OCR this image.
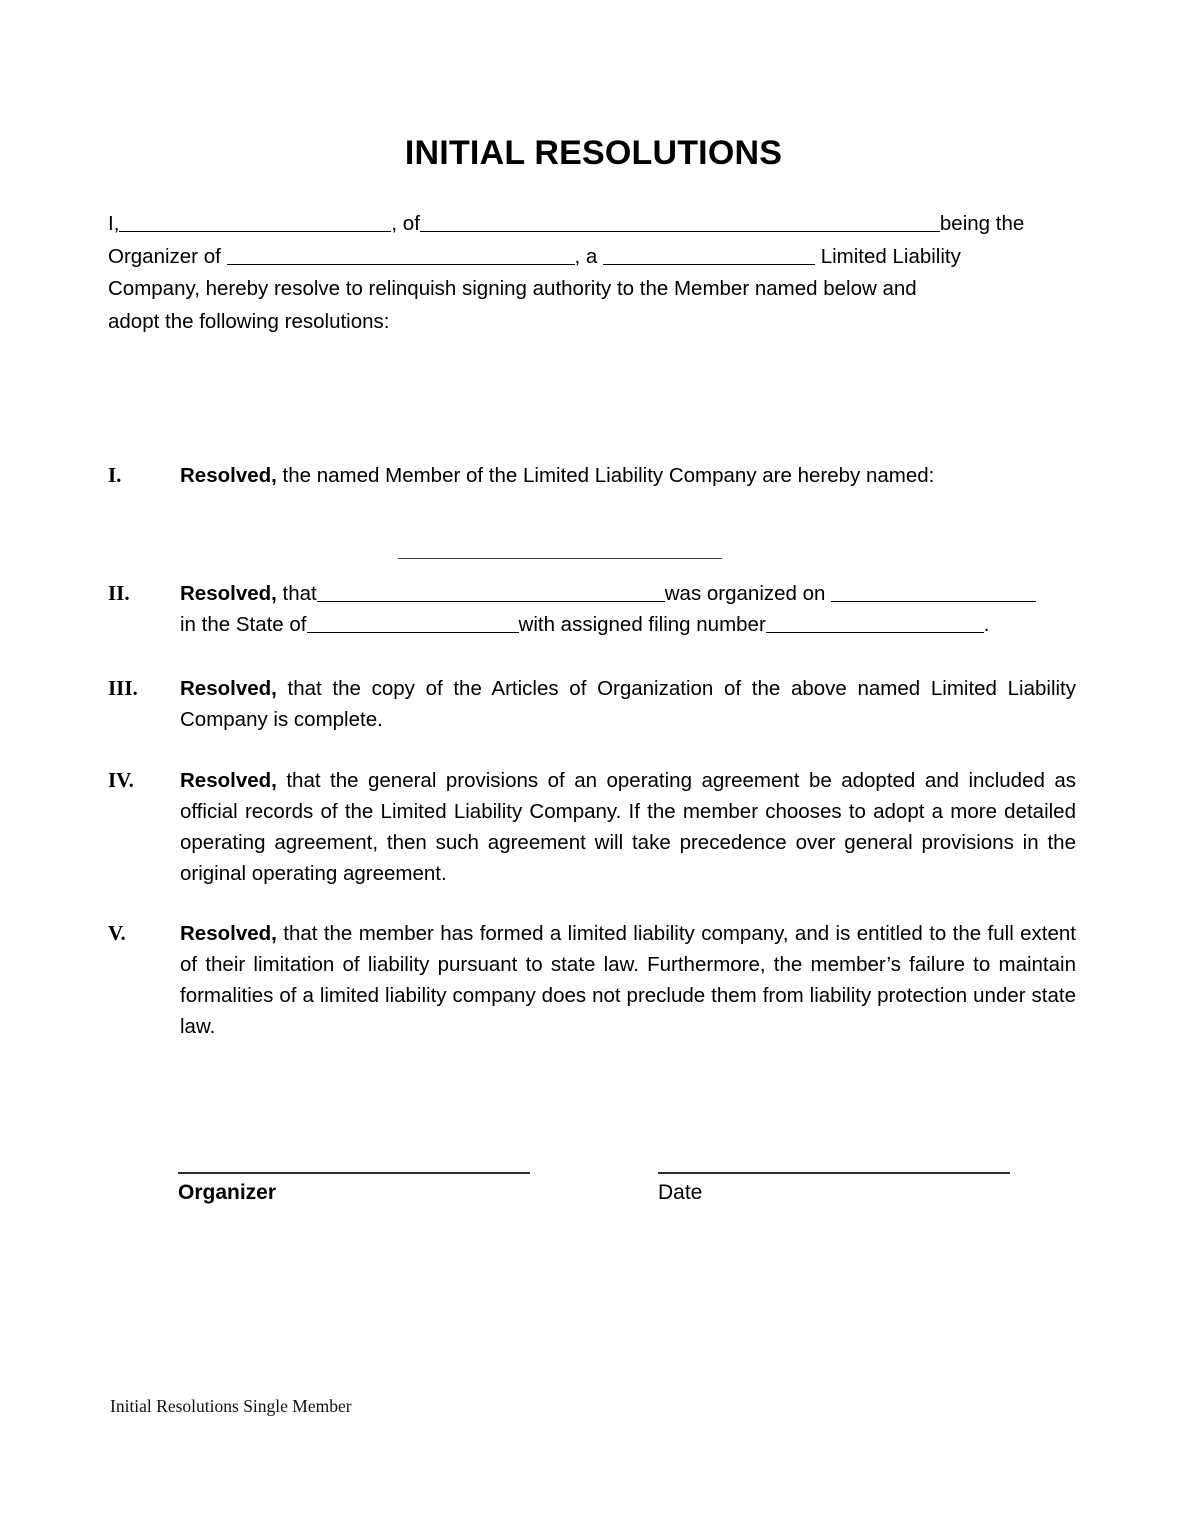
INITIAL RESOLUTIONS
I,	, of	being the
Organizer of	, a	Limited Liability
Company, hereby resolve to relinquish signing authority to the Member named below and
adopt the following resolutions:
I.	Resolved, the named Member of the Limited Liability Company are hereby named:
II.	Resolved, that	was organized on
in the State of	with assigned filing number	.
III.	Resolved, that the copy of the Articles of Organization of the above named Limited Liability Company is complete.
IV.	Resolved, that the general provisions of an operating agreement be adopted and included as official records of the Limited Liability Company. If the member chooses to adopt a more detailed operating agreement, then such agreement will take precedence over general provisions in the original operating agreement.
V.	Resolved, that the member has formed a limited liability company, and is entitled to the full extent of their limitation of liability pursuant to state law. Furthermore, the member’s failure to maintain formalities of a limited liability company does not preclude them from liability protection under state law.
Organizer	Date
Initial Resolutions Single Member
